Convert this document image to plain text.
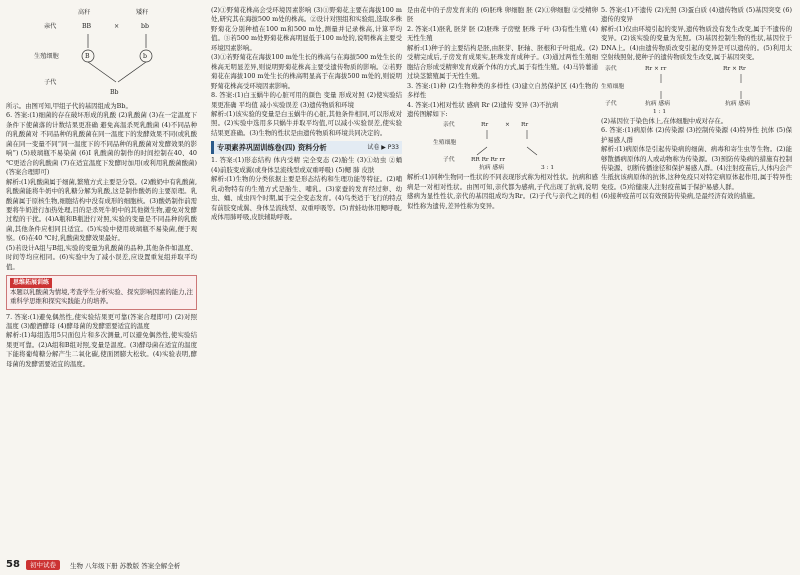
高秆	矮秆
亲代	BB	×	bb
生殖细胞	B	b
子代
Bb

所示。由图可知,甲组子代的基因组成为Bb。

6. 答案:(1)细菌的存在破坏形成的乳酸 (2)乳酸菌 (3)在一定温度下条件下使菌落的计数结果更准确 避免高温杀死乳酸菌 (4)不同品种的乳酸菌对 不同品种的乳酸菌在同一温度下的发酵效果不同(或乳酸菌在同一变量不同“同一温度下的不同品种的乳酸菌对发酵效果的影响”) (5)玻璃瓶不易染菌 (6)Ⅰ 乳酸菌的制作的时间控制在40、40 ℃更适合的乳酸菌 (7)在适宜温度下发酵时加用(或利用乳酸菌酸菌)(答案合理即可)

解析:(1)乳酸菌属于细菌,繁殖方式主要是分裂。(2)酸奶中有乳酸菌,乳酸菌能将牛奶中的乳糖分解为乳酸,这是制作酸奶的主要原理。乳酸菌属于原核生物,细胞结构中没有成形的细胞核。(3)酸奶制作前需要将牛奶进行加热处理,目的是杀死牛奶中的其他微生物,避免对发酵过程的干扰。(4)A瓶和B瓶进行对照,实验的变量是不同品种的乳酸菌,其他条件应相同且适宜。(5)实验中使用玻璃瓶不易染菌,便于观察。(6)在40 ℃时,乳酸菌发酵效果最好。

(5)若设计A组与B组,实验的变量为乳酸菌的品种,其他条件如温度、时间等均应相同。(6)实验中为了减小误差,应设置重复组并取平均值。

思维拓展训练

本题以乳酸菌为情境,考查学生分析实验、探究影响因素的能力,注重科学思维和探究实践能力的培养。

7. 答案:(1)避免偶然性,使实验结果更可靠(答案合理即可) (2)对照 温度 (3)酿酒酵母 (4)酵母菌的发酵需要适宜的温度

解析:(1)每组选用5只面包片和多次测量,可以避免偶然性,使实验结果更可靠。(2)A组和B组对照,变量是温度。(3)酵母菌在适宜的温度下能将葡萄糖分解产生二氧化碳,使面团膨大松软。(4)实验表明,酵母菌的发酵需要适宜的温度。

(2)①野菊花株高会受环境因素影响 (3)①野菊花主要在海拔100 m处,研究其在海拔500 m处的株高。②设计对照组和实验组,选取多株野菊花分别种植在100 m和500 m处,测量并记录株高,计算平均值。③若500 m处野菊花株高明显低于100 m处的,说明株高主要受环境因素影响。

(3)①若野菊花在海拔100 m处生长的株高与在海拔500 m处生长的株高无明显差异,则说明野菊花株高主要受遗传物质的影响。②若野菊花在海拔100 m处生长的株高明显高于在海拔500 m处的,则说明野菊花株高受环境因素影响。

8. 答案:(1)白玉蜗牛的心脏可用的颜色 变量 形成对照 (2)使实验结果更准确 平均值 减小实验误差 (3)遗传物质和环境

解析:(1)该实验的变量是白玉蜗牛的心脏,其他条件相同,可以形成对照。(2)实验中选用多只蜗牛并取平均值,可以减小实验误差,使实验结果更准确。(3)生物的性状是由遗传物质和环境共同决定的。

专项素养巩固训练卷(四) 资料分析	试卷 ▶ P33

1. 答案:(1)形态结构 体内受精 完全变态 (2)胎生 (3)①幼虫 ②蛹 (4)前肢变成翼(或身体呈流线型或双重呼吸) (5)鳃 肺 皮肤

解析:(1)生物的分类依据主要是形态结构和生理功能等特征。(2)哺乳动物特有的生殖方式是胎生、哺乳。(3)家蚕的发育经过卵、幼虫、蛹、成虫四个时期,属于完全变态发育。(4)鸟类适于飞行的特点有前肢变成翼、身体呈流线型、双重呼吸等。(5)青蛙幼体用鳃呼吸,成体用肺呼吸,皮肤辅助呼吸。

是由花中的子房发育来的 (6)胚珠 卵细胞 胚 (2)①卵细胞 ②受精卵 胚

2. 答案:(1)胚乳 胚芽 胚 (2)胚珠 子房壁 胚珠 子叶 (3)有性生殖 (4)无性生殖

解析:(1)种子的主要结构是胚,由胚芽、胚轴、胚根和子叶组成。(2)受精完成后,子房发育成果实,胚珠发育成种子。(3)通过两性生殖细胞结合形成受精卵发育成新个体的方式,属于有性生殖。(4)马铃薯通过块茎繁殖属于无性生殖。

3. 答案:(1)种 (2)生物种类的多样性 (3)建立自然保护区 (4)生物的多样性

4. 答案:(1)相对性状 感病 Rr (2)遗传 变异 (3)不抗病

遗传图解如下:

亲代	Rr	× Rr
生殖细胞
子代	RR Rr Rr rr
抗病 感病	3 : 1

解析:(1)同种生物同一性状的不同表现形式称为相对性状。抗病和感病是一对相对性状。由图可知,亲代都为感病,子代出现了抗病,说明感病为显性性状,亲代的基因组成均为Rr。(2)子代与亲代之间的相似性称为遗传,差异性称为变异。

5. 答案:(1)不遗传 (2)光照 (3)蛋白质 (4)遗传物质 (5)基因突变 (6)遗传的变异

解析:(1)仅由环境引起的变异,遗传物质没有发生改变,属于不遗传的变异。(2)该实验的变量为光照。(3)基因控制生物的性状,基因位于DNA上。(4)由遗传物质改变引起的变异是可以遗传的。(5)利用太空射线照射,使种子的遗传物质发生改变,属于基因突变。

亲代	Rr × rr	Rr × Rr
生殖细胞
子代	抗病 感病	抗病 感病
1 : 1

(2)基因位于染色体上,在体细胞中成对存在。

6. 答案:(1)病原体 (2)传染源 (3)控制传染源 (4)特异性 抗体 (5)保护易感人群

解析:(1)病原体是引起传染病的细菌、病毒和寄生虫等生物。(2)能够散播病原体的人或动物称为传染源。(3)预防传染病的措施有控制传染源、切断传播途径和保护易感人群。(4)注射疫苗后,人体内会产生抵抗该病原体的抗体,这种免疫只对特定病原体起作用,属于特异性免疫。(5)给健康人注射疫苗属于保护易感人群。

(6)接种疫苗可以有效预防传染病,是最经济有效的措施。

58	初中试卷	生物 八年级下册 苏教版 答案全解全析
